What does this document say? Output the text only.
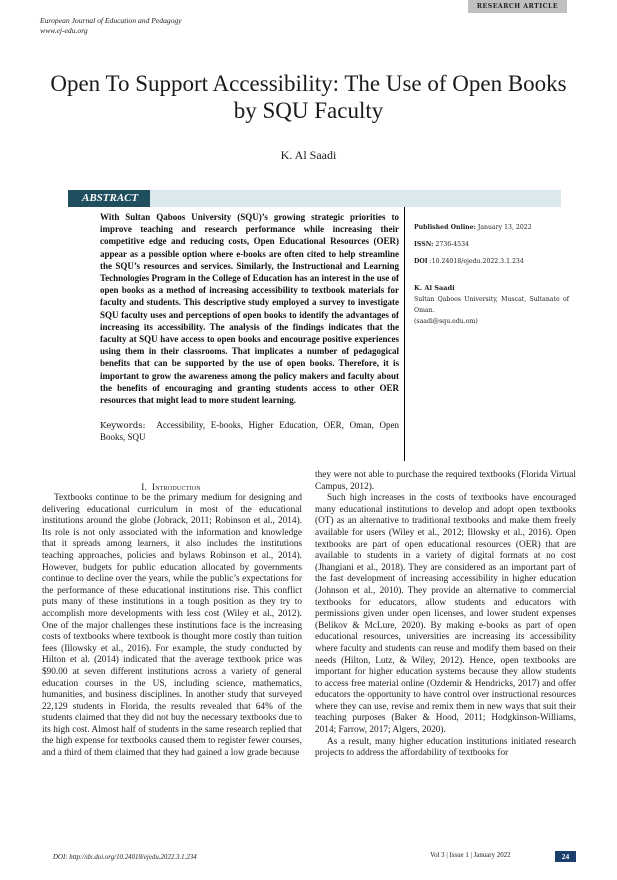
RESEARCH ARTICLE
European Journal of Education and Pedagogy
www.ej-edu.org
Open To Support Accessibility: The Use of Open Books by SQU Faculty
K. Al Saadi
ABSTRACT
With Sultan Qaboos University (SQU)’s growing strategic priorities to improve teaching and research performance while increasing their competitive edge and reducing costs, Open Educational Resources (OER) appear as a possible option where e-books are often cited to help streamline the SQU’s resources and services. Similarly, the Instructional and Learning Technologies Program in the College of Education has an interest in the use of open books as a method of increasing accessibility to textbook materials for faculty and students. This descriptive study employed a survey to investigate SQU faculty uses and perceptions of open books to identify the advantages of increasing its accessibility. The analysis of the findings indicates that the faculty at SQU have access to open books and encourage positive experiences using them in their classrooms. That implicates a number of pedagogical benefits that can be supported by the use of open books. Therefore, it is important to grow the awareness among the policy makers and faculty about the benefits of encouraging and granting students access to other OER resources that might lead to more student learning.
Keywords: Accessibility, E-books, Higher Education, OER, Oman, Open Books, SQU
Published Online: January 13, 2022
ISSN: 2736-4534
DOI :10.24018/ejedu.2022.3.1.234
K. Al Saadi
Sultan Qaboos University, Muscat, Sultanate of Oman.
(saadi@squ.edu.om)
I. Introduction

Textbooks continue to be the primary medium for designing and delivering educational curriculum in most of the educational institutions around the globe (Jobrack, 2011; Robinson et al., 2014). Its role is not only associated with the information and knowledge that it spreads among learners, it also includes the institutions teaching approaches, policies and bylaws Robinson et al., 2014). However, budgets for public education allocated by governments continue to decline over the years, while the public’s expectations for the performance of these educational institutions rise. This conflict puts many of these institutions in a tough position as they try to accomplish more developments with less cost (Wiley et al., 2012). One of the major challenges these institutions face is the increasing costs of textbooks where textbook is thought more costly than tuition fees (Illowsky et al., 2016). For example, the study conducted by Hilton et al. (2014) indicated that the average textbook price was $90.00 at seven different institutions across a variety of general education courses in the US, including science, mathematics, humanities, and business disciplines. In another study that surveyed 22,129 students in Florida, the results revealed that 64% of the students claimed that they did not buy the necessary textbooks due to its high cost. Almost half of students in the same research replied that the high expense for textbooks caused them to register fewer courses, and a third of them claimed that they had gained a low grade because

they were not able to purchase the required textbooks (Florida Virtual Campus, 2012).

Such high increases in the costs of textbooks have encouraged many educational institutions to develop and adopt open textbooks (OT) as an alternative to traditional textbooks and make them freely available for users (Wiley et al., 2012; Illowsky et al., 2016). Open textbooks are part of open educational resources (OER) that are available to students in a variety of digital formats at no cost (Jhangiani et al., 2018). They are considered as an important part of the fast development of increasing accessibility in higher education (Johnson et al., 2010). They provide an alternative to commercial textbooks for educators, allow students and educators with permissions given under open licenses, and lower student expenses (Belikov & McLure, 2020). By making e-books as part of open educational resources, universities are increasing its accessibility where faculty and students can reuse and modify them based on their needs (Hilton, Lutz, & Wiley, 2012). Hence, open textbooks are important for higher education systems because they allow students to access free material online (Ozdemir & Hendricks, 2017) and offer educators the opportunity to have control over instructional resources where they can use, revise and remix them in new ways that suit their teaching purposes (Baker & Hood, 2011; Hodgkinson-Williams, 2014; Farrow, 2017; Algers, 2020).

As a result, many higher education institutions initiated research projects to address the affordability of textbooks for

DOI: http://dx.doi.org/10.24018/ejedu.2022.3.1.234	Vol 3 | Issue 1 | January 2022	24
